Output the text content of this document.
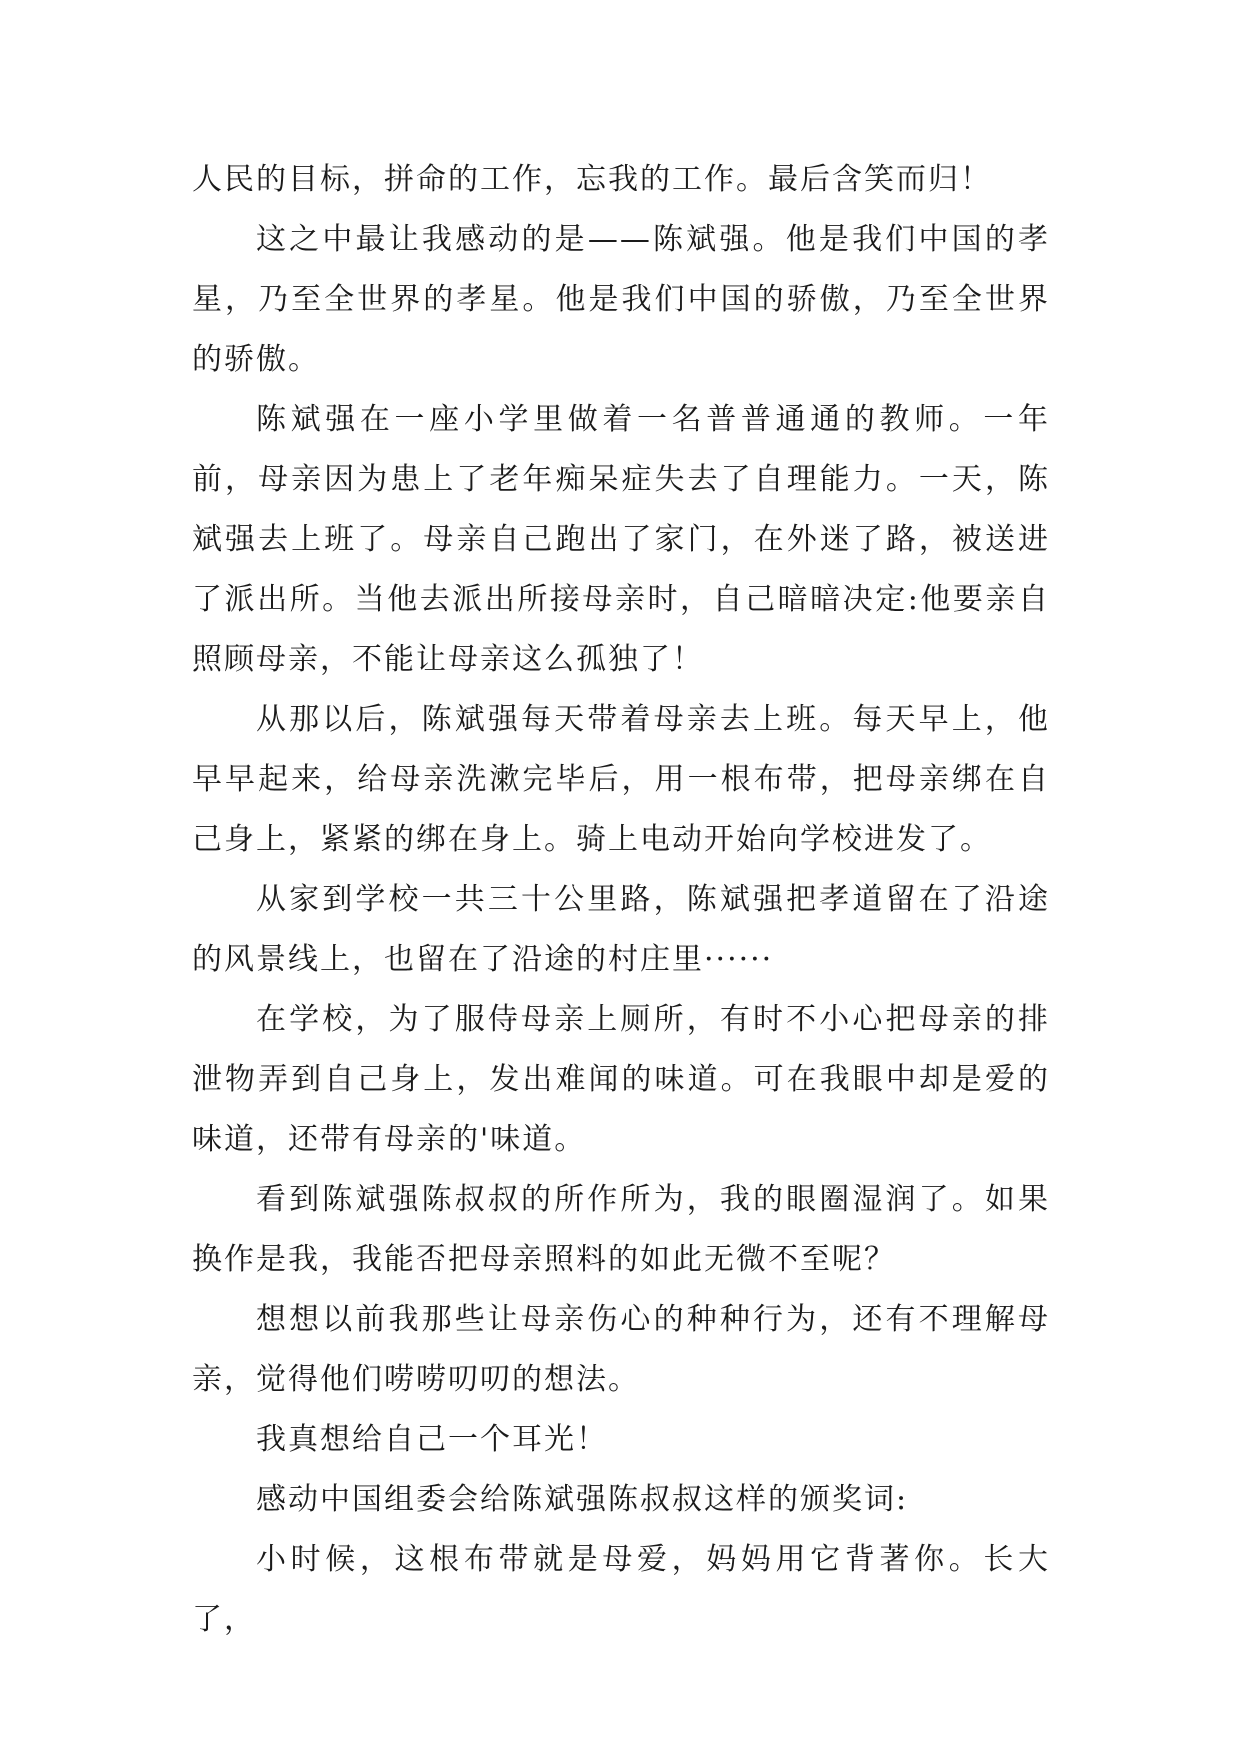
人民的目标，拼命的工作，忘我的工作。最后含笑而归！

这之中最让我感动的是——陈斌强。他是我们中国的孝星，乃至全世界的孝星。他是我们中国的骄傲，乃至全世界的骄傲。

陈斌强在一座小学里做着一名普普通通的教师。一年前，母亲因为患上了老年痴呆症失去了自理能力。一天，陈斌强去上班了。母亲自己跑出了家门，在外迷了路，被送进了派出所。当他去派出所接母亲时，自己暗暗决定:他要亲自照顾母亲，不能让母亲这么孤独了！

从那以后，陈斌强每天带着母亲去上班。每天早上，他早早起来，给母亲洗漱完毕后，用一根布带，把母亲绑在自己身上，紧紧的绑在身上。骑上电动开始向学校进发了。

从家到学校一共三十公里路，陈斌强把孝道留在了沿途的风景线上，也留在了沿途的村庄里······

在学校，为了服侍母亲上厕所，有时不小心把母亲的排泄物弄到自己身上，发出难闻的味道。可在我眼中却是爱的味道，还带有母亲的'味道。

看到陈斌强陈叔叔的所作所为，我的眼圈湿润了。如果换作是我，我能否把母亲照料的如此无微不至呢？

想想以前我那些让母亲伤心的种种行为，还有不理解母亲，觉得他们唠唠叨叨的想法。

我真想给自己一个耳光！

感动中国组委会给陈斌强陈叔叔这样的颁奖词:

小时候，这根布带就是母爱，妈妈用它背著你。长大了，
